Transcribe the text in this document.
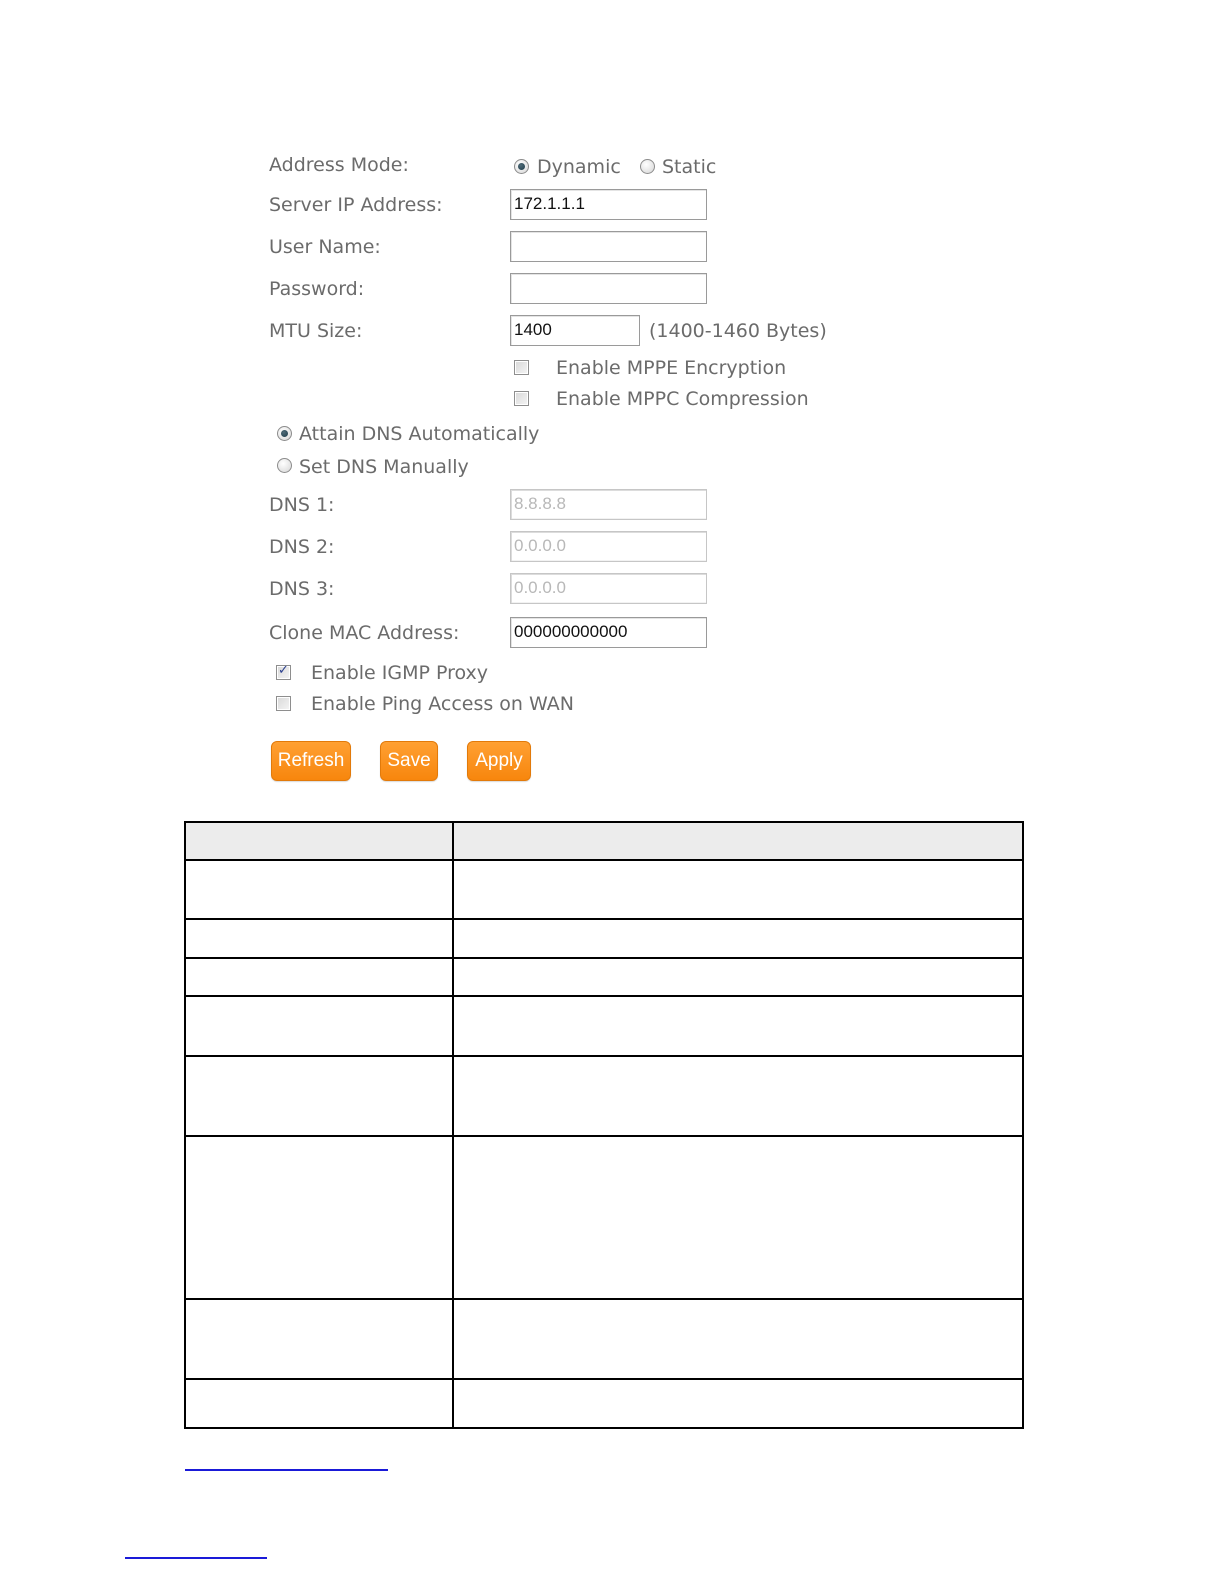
Address Mode:	Dynamic Static
Server IP Address:	172.1.1.1
User Name:
Password:
MTU Size:	1400	(1400-1460 Bytes)
Enable MPPE Encryption
Enable MPPC Compression
Attain DNS Automatically
Set DNS Manually
DNS 1:	8.8.8.8
DNS 2:	0.0.0.0
DNS 3:	0.0.0.0
Clone MAC Address:	000000000000
✓
Enable IGMP Proxy
Enable Ping Access on WAN
Refresh	Save	Apply
